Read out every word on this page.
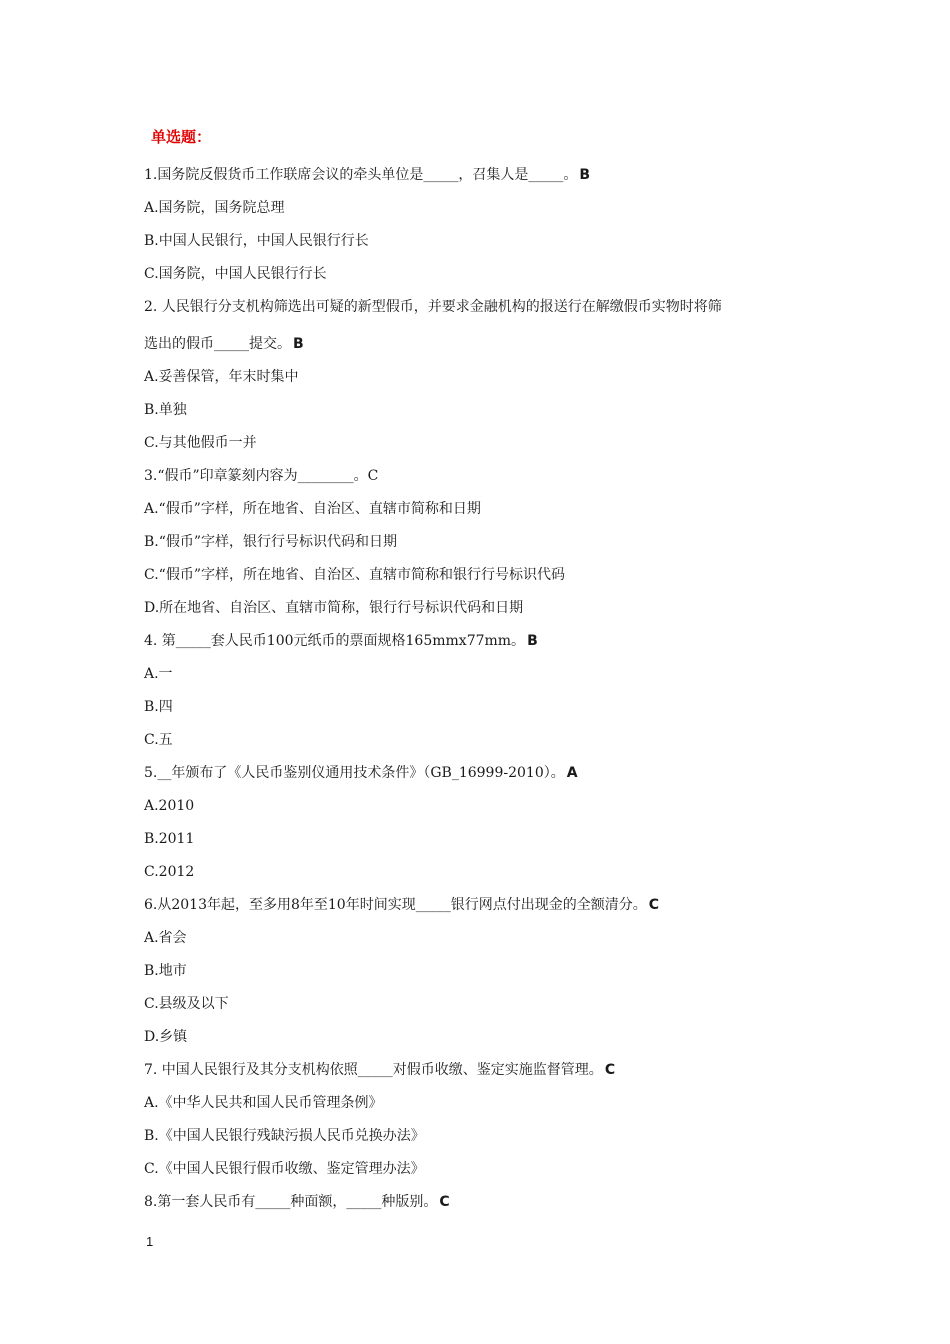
单选题：
1.国务院反假货币工作联席会议的牵头单位是_____，召集人是_____。 B
A.国务院，国务院总理
B.中国人民银行，中国人民银行行长
C.国务院，中国人民银行行长
2. 人民银行分支机构筛选出可疑的新型假币，并要求金融机构的报送行在解缴假币实物时将筛
选出的假币_____提交。 B
A.妥善保管，年末时集中
B.单独
C.与其他假币一并
3.“假币”印章篆刻内容为________。C
A.“假币”字样，所在地省、自治区、直辖市简称和日期
B.“假币”字样，银行行号标识代码和日期
C.“假币”字样，所在地省、自治区、直辖市简称和银行行号标识代码
D.所在地省、自治区、直辖市简称，银行行号标识代码和日期
4. 第_____套人民币100元纸币的票面规格165mmx77mm。 B
A.一
B.四
C.五
5.__年颁布了《人民币鉴别仪通用技术条件》（GB_16999-2010）。 A
A.2010
B.2011
C.2012
6.从2013年起，至多用8年至10年时间实现_____银行网点付出现金的全额清分。 C
A.省会
B.地市
C.县级及以下
D.乡镇
7. 中国人民银行及其分支机构依照_____对假币收缴、鉴定实施监督管理。 C
A.《中华人民共和国人民币管理条例》
B.《中国人民银行残缺污损人民币兑换办法》
C.《中国人民银行假币收缴、鉴定管理办法》
8.第一套人民币有_____种面额，_____种版别。 C
1
